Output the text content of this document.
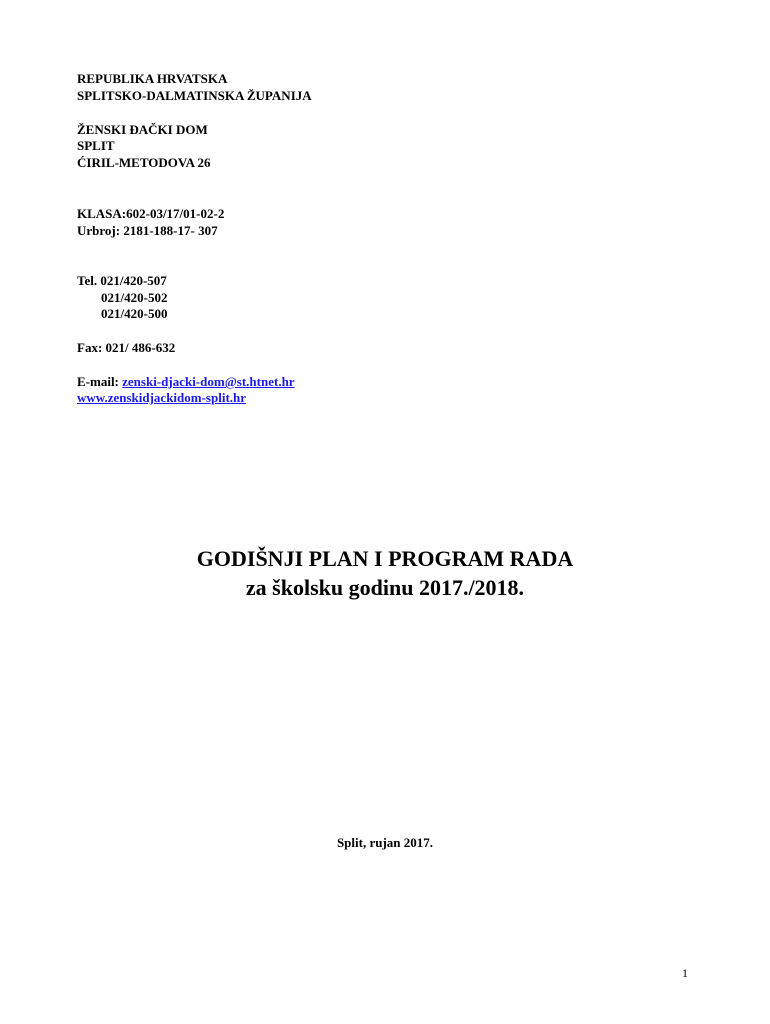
REPUBLIKA HRVATSKA
SPLITSKO-DALMATINSKA ŽUPANIJA
ŽENSKI ĐAČKI DOM
SPLIT
ĆIRIL-METODOVA 26
KLASA:602-03/17/01-02-2
Urbroj: 2181-188-17- 307
Tel. 021/420-507
021/420-502
021/420-500
Fax: 021/ 486-632
E-mail: zenski-djacki-dom@st.htnet.hr
www.zenskidjackidom-split.hr
GODIŠNJI PLAN I PROGRAM RADA
za školsku godinu 2017./2018.
Split, rujan 2017.
1
